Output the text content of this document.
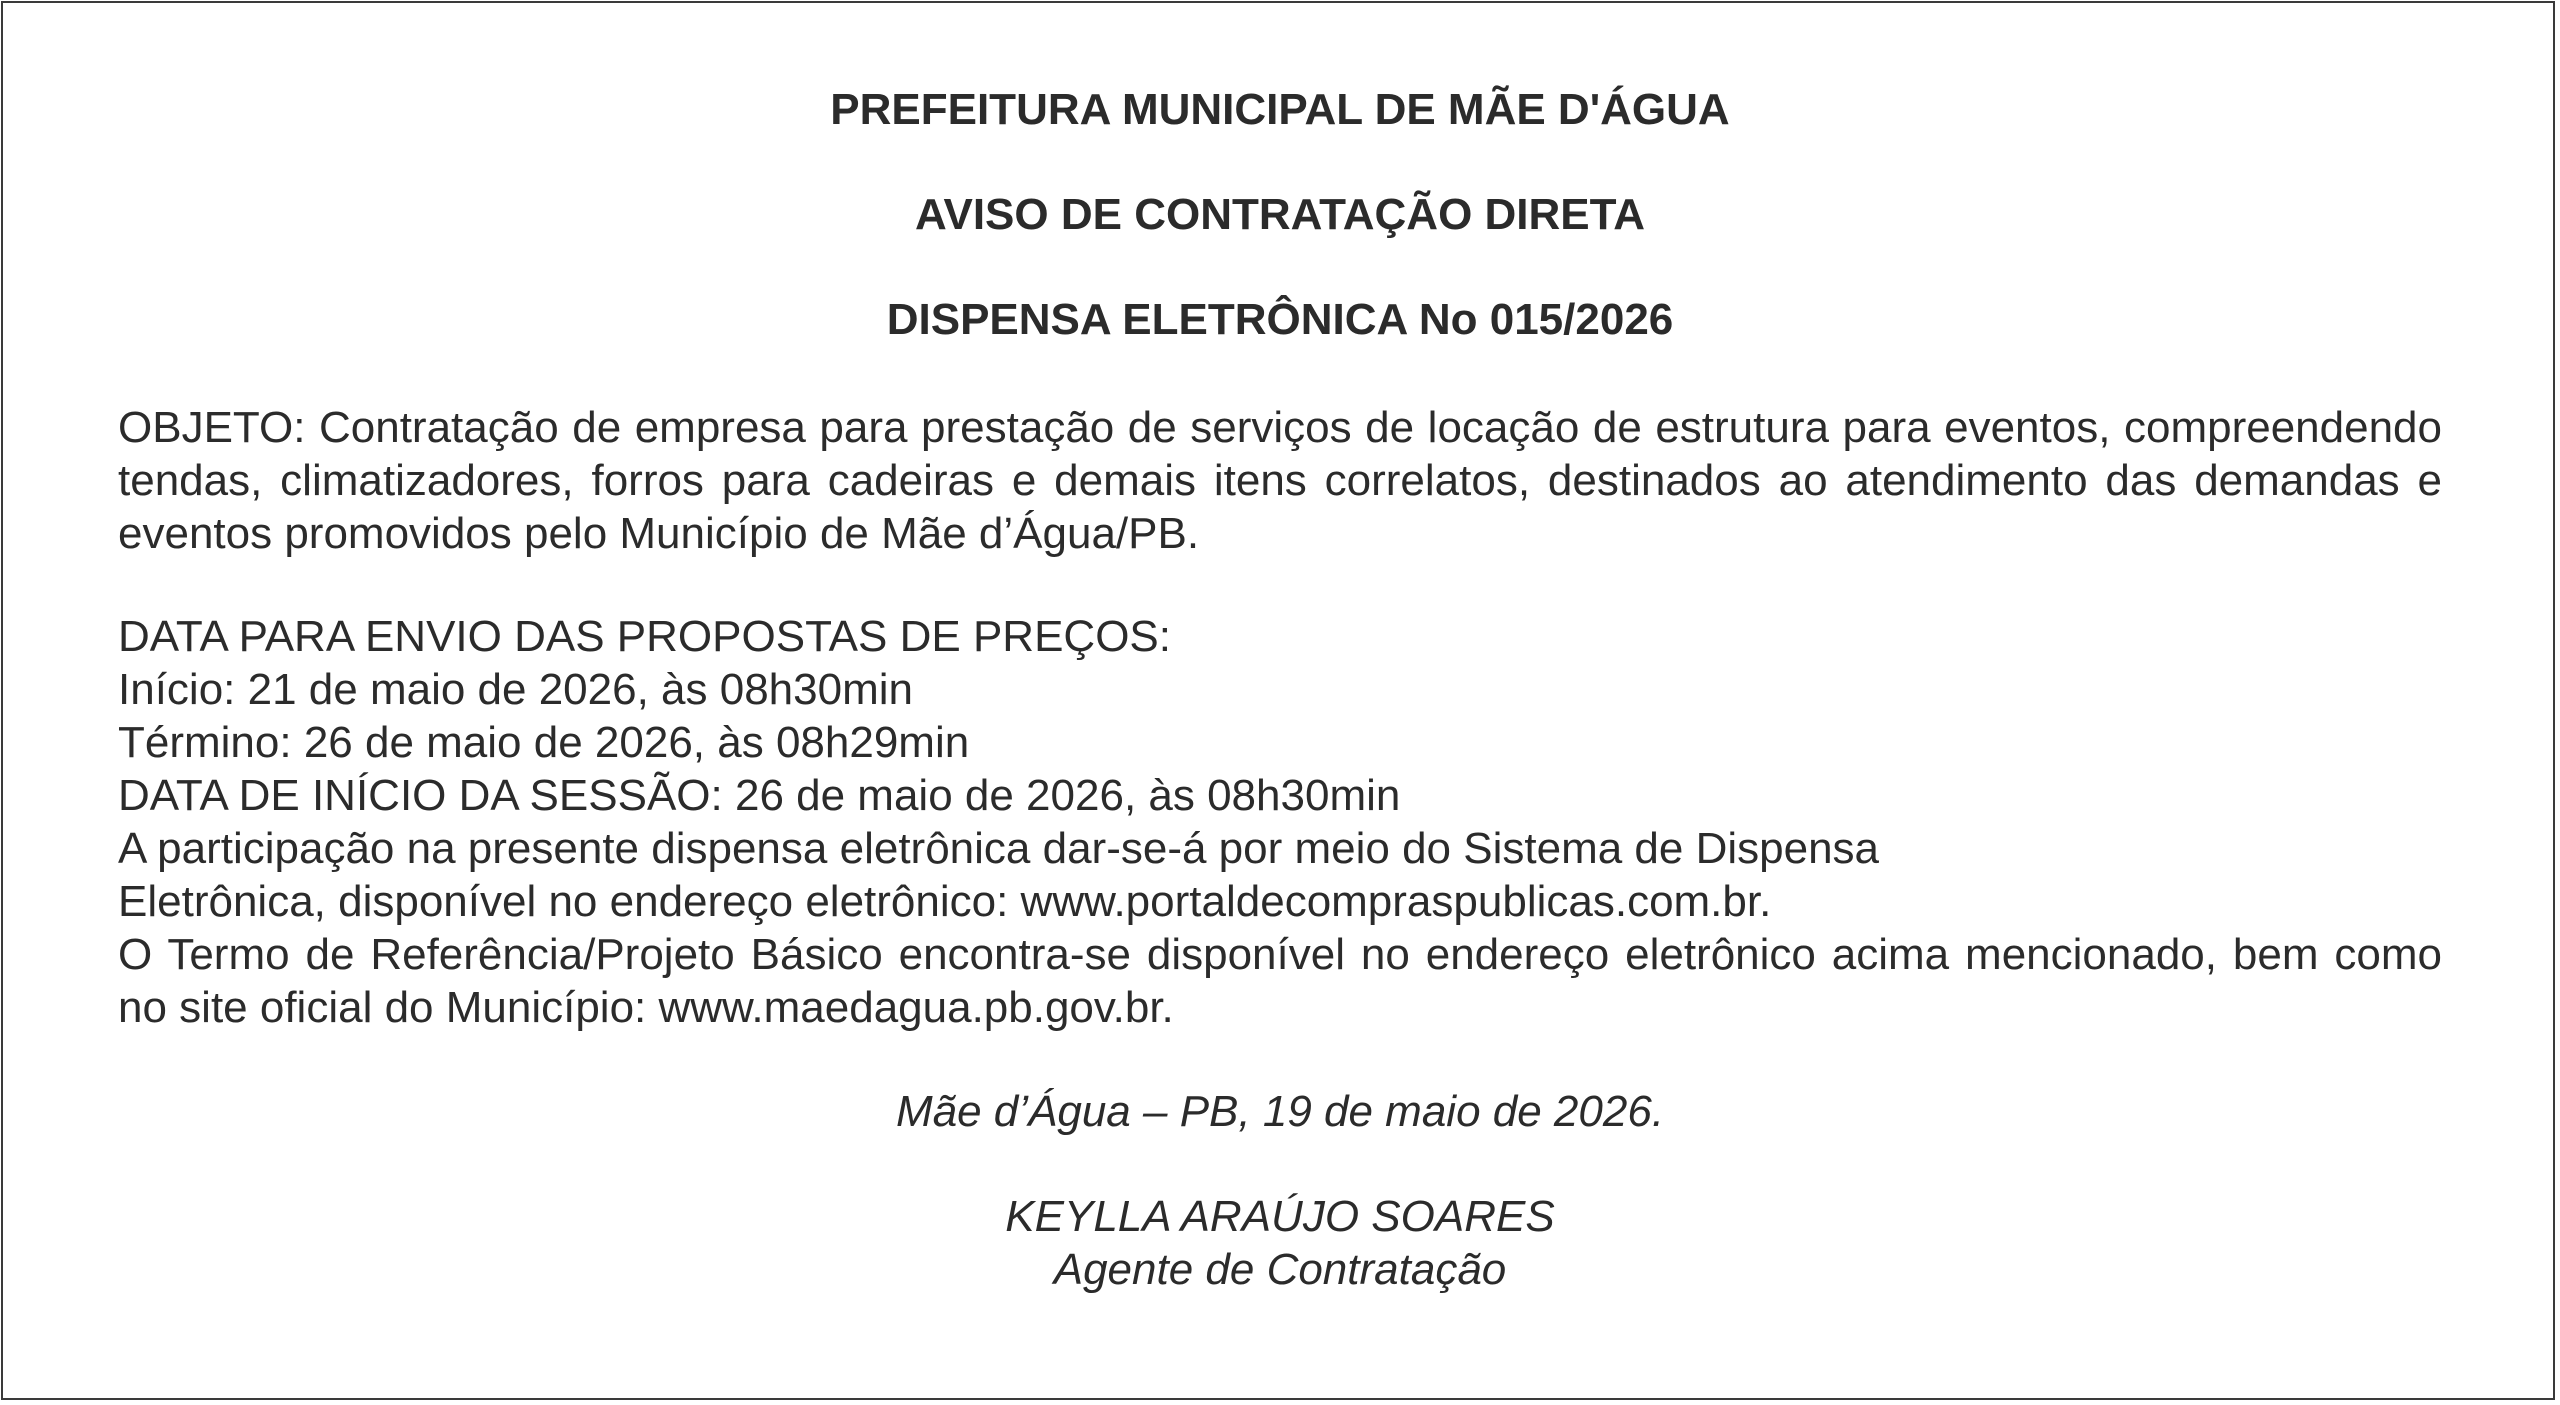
PREFEITURA MUNICIPAL DE MÃE D'ÁGUA
AVISO DE CONTRATAÇÃO DIRETA
DISPENSA ELETRÔNICA No 015/2026
OBJETO: Contratação de empresa para prestação de serviços de locação de estrutura para eventos, compreendendo tendas, climatizadores, forros para cadeiras e demais itens correlatos, destinados ao atendimento das demandas e eventos promovidos pelo Município de Mãe d’Água/PB.
DATA PARA ENVIO DAS PROPOSTAS DE PREÇOS:
Início: 21 de maio de 2026, às 08h30min
Término: 26 de maio de 2026, às 08h29min
DATA DE INÍCIO DA SESSÃO: 26 de maio de 2026, às 08h30min
A participação na presente dispensa eletrônica dar-se-á por meio do Sistema de Dispensa
Eletrônica, disponível no endereço eletrônico: www.portaldecompraspublicas.com.br.
O Termo de Referência/Projeto Básico encontra-se disponível no endereço eletrônico acima mencionado, bem como no site oficial do Município: www.maedagua.pb.gov.br.
Mãe d’Água – PB, 19 de maio de 2026.
KEYLLA ARAÚJO SOARES
Agente de Contratação
